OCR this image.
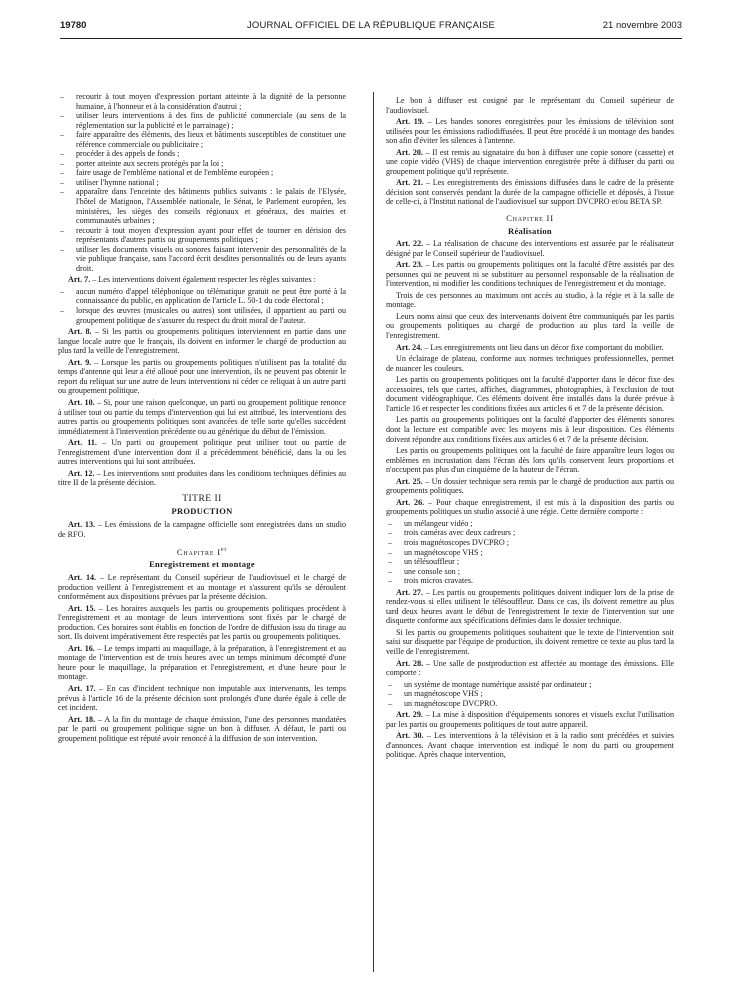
19780	JOURNAL OFFICIEL DE LA RÉPUBLIQUE FRANÇAISE	21 novembre 2003
– recourir à tout moyen d'expression portant atteinte à la dignité de la personne humaine, à l'honneur et à la considération d'autrui ;
– utiliser leurs interventions à des fins de publicité commerciale (au sens de la réglementation sur la publicité et le parrainage) ;
– faire apparaître des éléments, des lieux et bâtiments susceptibles de constituer une référence commerciale ou publicitaire ;
– procéder à des appels de fonds ;
– porter atteinte aux secrets protégés par la loi ;
– faire usage de l'emblème national et de l'emblème européen ;
– utiliser l'hymne national ;
– apparaître dans l'enceinte des bâtiments publics suivants : le palais de l'Elysée, l'hôtel de Matignon, l'Assemblée nationale, le Sénat, le Parlement européen, les ministères, les sièges des conseils régionaux et généraux, des mairies et communautés urbaines ;
– recourir à tout moyen d'expression ayant pour effet de tourner en dérision des représentants d'autres partis ou groupements politiques ;
– utiliser les documents visuels ou sonores faisant intervenir des personnalités de la vie publique française, sans l'accord écrit desdites personnalités ou de leurs ayants droit.

Art. 7. – Les interventions doivent également respecter les règles suivantes :

– aucun numéro d'appel téléphonique ou télématique gratuit ne peut être porté à la connaissance du public, en application de l'article L. 50-1 du code électoral ;
– lorsque des œuvres (musicales ou autres) sont utilisées, il appartient au parti ou groupement politique de s'assurer du respect du droit moral de l'auteur.

Art. 8. – Si les partis ou groupements politiques interviennent en partie dans une langue locale autre que le français, ils doivent en informer le chargé de production au plus tard la veille de l'enregistrement.

Art. 9. – Lorsque les partis ou groupements politiques n'utilisent pas la totalité du temps d'antenne qui leur a été alloué pour une intervention, ils ne peuvent pas obtenir le report du reliquat sur une autre de leurs interventions ni céder ce reliquat à un autre parti ou groupement politique.

Art. 10. – Si, pour une raison quelconque, un parti ou groupement politique renonce à utiliser tout ou partie du temps d'intervention qui lui est attribué, les interventions des autres partis ou groupements politiques sont avancées de telle sorte qu'elles succèdent immédiatement à l'intervention précédente ou au générique du début de l'émission.

Art. 11. – Un parti ou groupement politique peut utiliser tout ou partie de l'enregistrement d'une intervention dont il a précédemment bénéficié, dans la ou les autres interventions qui lui sont attribuées.

Art. 12. – Les interventions sont produites dans les conditions techniques définies au titre II de la présente décision.

TITRE II

PRODUCTION

Art. 13. – Les émissions de la campagne officielle sont enregistrées dans un studio de RFO.

Chapitre Ier

Enregistrement et montage

Art. 14. – Le représentant du Conseil supérieur de l'audiovisuel et le chargé de production veillent à l'enregistrement et au montage et s'assurent qu'ils se déroulent conformément aux dispositions prévues par la présente décision.

Art. 15. – Les horaires auxquels les partis ou groupements politiques procèdent à l'enregistrement et au montage de leurs interventions sont fixés par le chargé de production. Ces horaires sont établis en fonction de l'ordre de diffusion issu du tirage au sort. Ils doivent impérativement être respectés par les partis ou groupements politiques.

Art. 16. – Le temps imparti au maquillage, à la préparation, à l'enregistrement et au montage de l'intervention est de trois heures avec un temps minimum décompté d'une heure pour le maquillage, la préparation et l'enregistrement, et d'une heure pour le montage.

Art. 17. – En cas d'incident technique non imputable aux intervenants, les temps prévus à l'article 16 de la présente décision sont prolongés d'une durée égale à celle de cet incident.

Art. 18. – A la fin du montage de chaque émission, l'une des personnes mandatées par le parti ou groupement politique signe un bon à diffuser. A défaut, le parti ou groupement politique est réputé avoir renoncé à la diffusion de son intervention.

Le bon à diffuser est cosigné par le représentant du Conseil supérieur de l'audiovisuel.

Art. 19. – Les bandes sonores enregistrées pour les émissions de télévision sont utilisées pour les émissions radiodiffusées. Il peut être procédé à un montage des bandes son afin d'éviter les silences à l'antenne.

Art. 20. – Il est remis au signataire du bon à diffuser une copie sonore (cassette) et une copie vidéo (VHS) de chaque intervention enregistrée prête à diffuser du parti ou groupement politique qu'il représente.

Art. 21. – Les enregistrements des émissions diffusées dans le cadre de la présente décision sont conservés pendant la durée de la campagne officielle et déposés, à l'issue de celle-ci, à l'Institut national de l'audiovisuel sur support DVCPRO et/ou BETA SP.

Chapitre II

Réalisation

Art. 22. – La réalisation de chacune des interventions est assurée par le réalisateur désigné par le Conseil supérieur de l'audiovisuel.

Art. 23. – Les partis ou groupements politiques ont la faculté d'être assistés par des personnes qui ne peuvent ni se substituer au personnel responsable de la réalisation de l'intervention, ni modifier les conditions techniques de l'enregistrement et du montage.

Trois de ces personnes au maximum ont accès au studio, à la régie et à la salle de montage.

Leurs noms ainsi que ceux des intervenants doivent être communiqués par les partis ou groupements politiques au chargé de production au plus tard la veille de l'enregistrement.

Art. 24. – Les enregistrements ont lieu dans un décor fixe comportant du mobilier.

Un éclairage de plateau, conforme aux normes techniques professionnelles, permet de nuancer les couleurs.

Les partis ou groupements politiques ont la faculté d'apporter dans le décor fixe des accessoires, tels que cartes, affiches, diagrammes, photographies, à l'exclusion de tout document vidéographique. Ces éléments doivent être installés dans la durée prévue à l'article 16 et respecter les conditions fixées aux articles 6 et 7 de la présente décision.

Les partis ou groupements politiques ont la faculté d'apporter des éléments sonores dont la lecture est compatible avec les moyens mis à leur disposition. Ces éléments doivent répondre aux conditions fixées aux articles 6 et 7 de la présente décision.

Les partis ou groupements politiques ont la faculté de faire apparaître leurs logos ou emblèmes en incrustation dans l'écran dès lors qu'ils conservent leurs proportions et n'occupent pas plus d'un cinquième de la hauteur de l'écran.

Art. 25. – Un dossier technique sera remis par le chargé de production aux partis ou groupements politiques.

Art. 26. – Pour chaque enregistrement, il est mis à la disposition des partis ou groupements politiques un studio associé à une régie. Cette dernière comporte :

– un mélangeur vidéo ;
– trois caméras avec deux cadreurs ;
– trois magnétoscopes DVCPRO ;
– un magnétoscope VHS ;
– un télésouffleur ;
– une console son ;
– trois micros cravates.

Art. 27. – Les partis ou groupements politiques doivent indiquer lors de la prise de rendez-vous si elles utilisent le télésouffleur. Dans ce cas, ils doivent remettre au plus tard deux heures avant le début de l'enregistrement le texte de l'intervention sur une disquette conforme aux spécifications définies dans le dossier technique.

Si les partis ou groupements politiques souhaitent que le texte de l'intervention soit saisi sur disquette par l'équipe de production, ils doivent remettre ce texte au plus tard la veille de l'enregistrement.

Art. 28. – Une salle de postproduction est affectée au montage des émissions. Elle comporte :

– un système de montage numérique assisté par ordinateur ;
– un magnétoscope VHS ;
– un magnétoscope DVCPRO.

Art. 29. – La mise à disposition d'équipements sonores et visuels exclut l'utilisation par les partis ou groupements politiques de tout autre appareil.

Art. 30. – Les interventions à la télévision et à la radio sont précédées et suivies d'annonces. Avant chaque intervention est indiqué le nom du parti ou groupement politique. Après chaque intervention,
